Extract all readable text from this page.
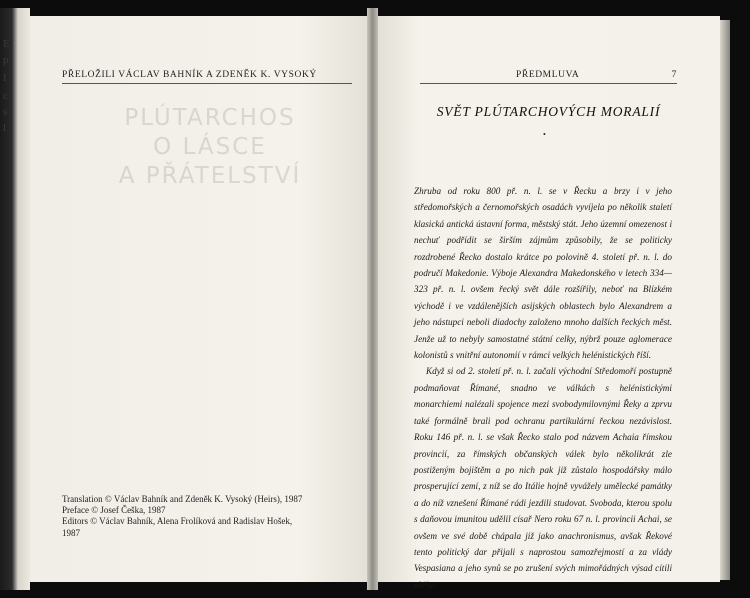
E
p
I
c
s
l
PŘELOŽILI VÁCLAV BAHNÍK A ZDENĚK K. VYSOKÝ
PLÚTARCHOS
O LÁSCE
A PŘÁTELSTVÍ
Translation © Václav Bahník and Zdeněk K. Vysoký (Heirs), 1987
Preface © Josef Češka, 1987
Editors © Václav Bahník, Alena Frolíková and Radislav Hošek,
1987
PŘEDMLUVA	7

SVĚT PLÚTARCHOVÝCH MORALIÍ
•

Zhruba od roku 800 př. n. l. se v Řecku a brzy i v jeho středomořských a černomořských osadách vyvíjela po několik staletí klasická antická ústavní forma, městský stát. Jeho územní omezenost i nechuť podřídit se širším zájmům způsobily, že se politicky rozdrobené Řecko dostalo krátce po polovině 4. století př. n. l. do područí Makedonie. Výboje Alexandra Makedonského v letech 334—323 př. n. l. ovšem řecký svět dále rozšířily, neboť na Blízkém východě i ve vzdálenějších asijských oblastech bylo Alexandrem a jeho nástupci neboli diadochy založeno mnoho dalších řeckých měst. Jenže už to nebyly samostatné státní celky, nýbrž pouze aglomerace kolonistů s vnitřní autonomií v rámci velkých helénistických říší.

Když si od 2. století př. n. l. začali východní Středomoří postupně podmaňovat Římané, snadno ve válkách s helénistickými monarchiemi nalézali spojence mezi svobodymilovnými Řeky a zprvu také formálně brali pod ochranu partikulární řeckou nezávislost. Roku 146 př. n. l. se však Řecko stalo pod názvem Achaia římskou provincií, za římských občanských válek bylo několikrát zle postiženým bojištěm a po nich pak již zůstalo hospodářsky málo prosperující zemí, z níž se do Itálie hojně vyvážely umělecké památky a do níž vznešení Římané rádi jezdili studovat. Svoboda, kterou spolu s daňovou imunitou udělil císař Nero roku 67 n. l. provincii Achai, se ovšem ve své době chápala již jako anachronismus, avšak Řekové tento politický dar přijali s naprostou samozřejmostí a za vlády Vespasiana a jeho synů se po zrušení svých mimořádných výsad cítili ukřiv-
